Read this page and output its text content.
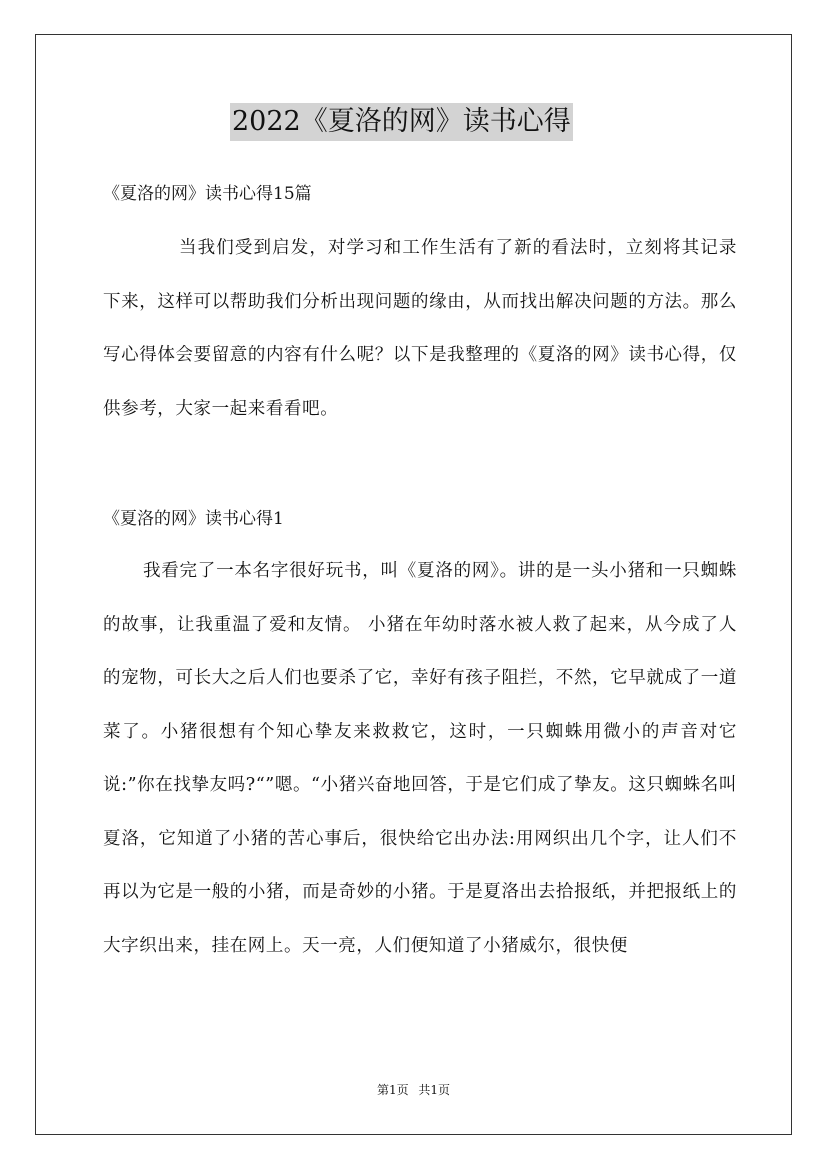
2022《夏洛的网》读书心得
《夏洛的网》读书心得15篇
当我们受到启发，对学习和工作生活有了新的看法时，立刻将其记录下来，这样可以帮助我们分析出现问题的缘由，从而找出解决问题的方法。那么写心得体会要留意的内容有什么呢？以下是我整理的《夏洛的网》读书心得，仅供参考，大家一起来看看吧。
《夏洛的网》读书心得1
我看完了一本名字很好玩书，叫《夏洛的网》。讲的是一头小猪和一只蜘蛛的故事，让我重温了爱和友情。 小猪在年幼时落水被人救了起来，从今成了人的宠物，可长大之后人们也要杀了它，幸好有孩子阻拦，不然，它早就成了一道菜了。小猪很想有个知心挚友来救救它，这时，一只蜘蛛用微小的声音对它说:”你在找挚友吗?“”嗯。“小猪兴奋地回答，于是它们成了挚友。这只蜘蛛名叫夏洛，它知道了小猪的苦心事后，很快给它出办法:用网织出几个字，让人们不再以为它是一般的小猪，而是奇妙的小猪。于是夏洛出去拾报纸，并把报纸上的大字织出来，挂在网上。天一亮，人们便知道了小猪威尔，很快便
第1页 共1页
